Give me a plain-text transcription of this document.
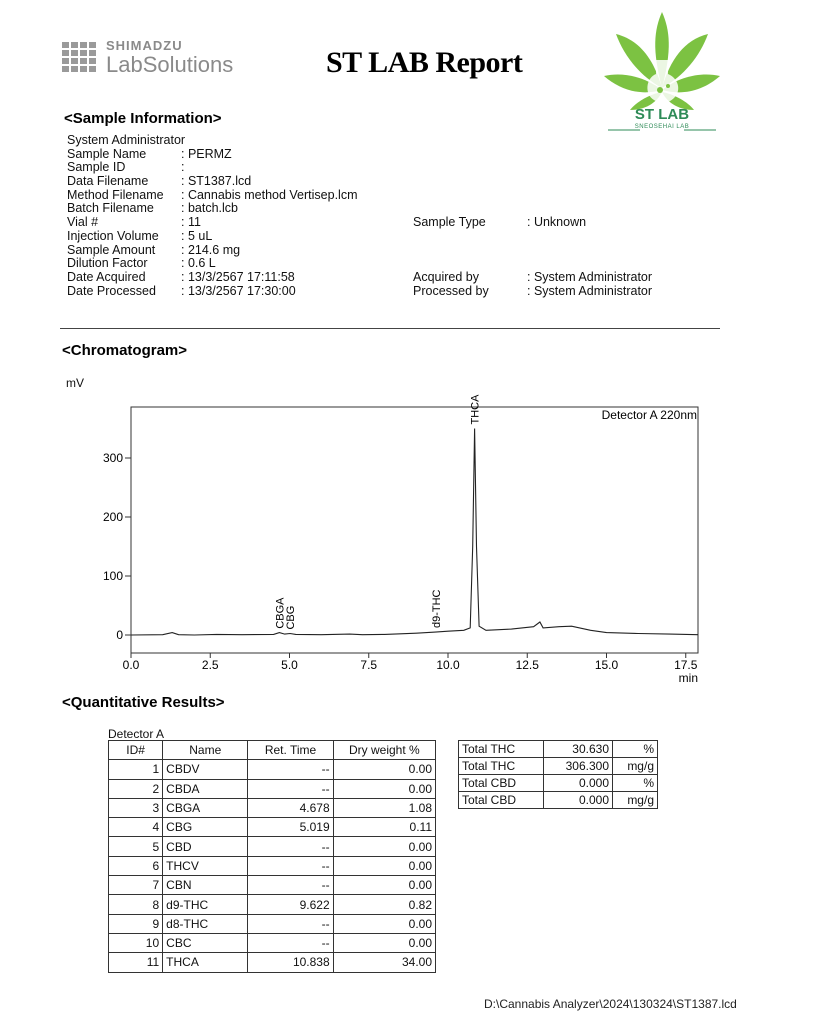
SHIMADZU
LabSolutions	ST LAB Report
ST LAB
SNEOSEHAI LAB
<Sample Information>
System Administrator
Sample Name	: PERMZ
Sample ID	:
Data Filename	: ST1387.lcd
Method Filename : Cannabis method Vertisep.lcm
Batch Filename : batch.lcb
Vial #	: 11
Injection Volume : 5 uL
Sample Amount : 214.6 mg
Dilution Factor	: 0.6 L
Date Acquired	: 13/3/2567 17:11:58
Date Processed : 13/3/2567 17:30:00
Sample Type	: Unknown
Acquired by	: System Administrator
Processed by	: System Administrator
<Chromatogram>
mV
0
100
200
300
0.0	2.5	5.0	7.5	10.0	12.5	15.0	17.5
CBGA
CBG	d9-THC
THCA	Detector A 220nm
min
<Quantitative Results>
Detector A
ID#	Name	Ret. Time	Dry weight %
1	CBDV	--	0.00
2	CBDA	--	0.00
3	CBGA	4.678	1.08
4	CBG	5.019	0.11
5	CBD	--	0.00
6	THCV	--	0.00
7	CBN	--	0.00
8	d9-THC	9.622	0.82
9	d8-THC	--	0.00
10	CBC	--	0.00
11	THCA	10.838	34.00
Total THC	30.630	%
Total THC	306.300	mg/g
Total CBD	0.000	%
Total CBD	0.000	mg/g
D:\Cannabis Analyzer\2024\130324\ST1387.lcd
